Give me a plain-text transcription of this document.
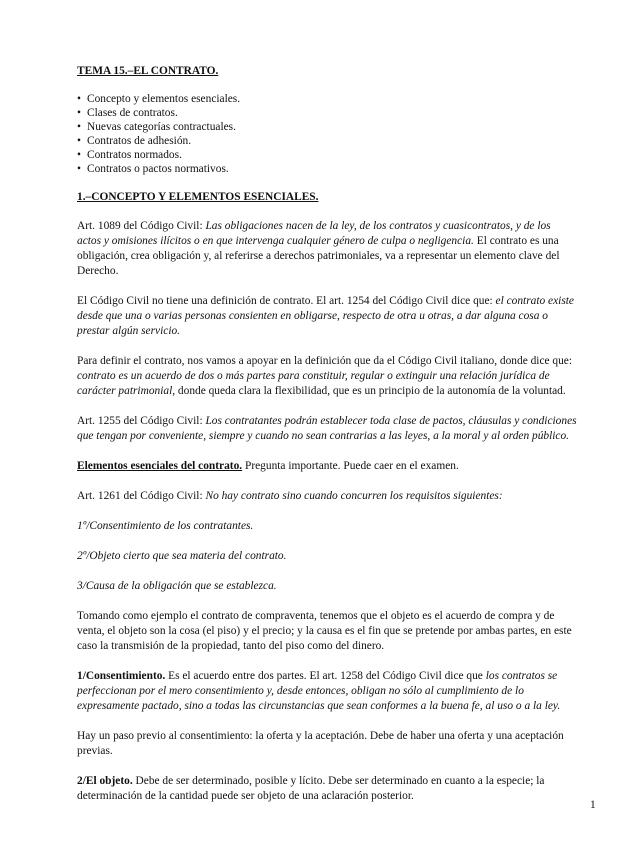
TEMA 15.–EL CONTRATO.
• Concepto y elementos esenciales.
• Clases de contratos.
• Nuevas categorías contractuales.
• Contratos de adhesión.
• Contratos normados.
• Contratos o pactos normativos.
1.–CONCEPTO Y ELEMENTOS ESENCIALES.

Art. 1089 del Código Civil: Las obligaciones nacen de la ley, de los contratos y cuasicontratos, y de los actos y omisiones ilícitos o en que intervenga cualquier género de culpa o negligencia. El contrato es una obligación, crea obligación y, al referirse a derechos patrimoniales, va a representar un elemento clave del Derecho.

El Código Civil no tiene una definición de contrato. El art. 1254 del Código Civil dice que: el contrato existe desde que una o varias personas consienten en obligarse, respecto de otra u otras, a dar alguna cosa o prestar algún servicio.

Para definir el contrato, nos vamos a apoyar en la definición que da el Código Civil italiano, donde dice que: contrato es un acuerdo de dos o más partes para constituir, regular o extinguir una relación jurídica de carácter patrimonial, donde queda clara la flexibilidad, que es un principio de la autonomía de la voluntad.

Art. 1255 del Código Civil: Los contratantes podrán establecer toda clase de pactos, cláusulas y condiciones que tengan por conveniente, siempre y cuando no sean contrarias a las leyes, a la moral y al orden público.

Elementos esenciales del contrato. Pregunta importante. Puede caer en el examen.

Art. 1261 del Código Civil: No hay contrato sino cuando concurren los requisitos siguientes:

1º/Consentimiento de los contratantes.

2º/Objeto cierto que sea materia del contrato.

3/Causa de la obligación que se establezca.

Tomando como ejemplo el contrato de compraventa, tenemos que el objeto es el acuerdo de compra y de venta, el objeto son la cosa (el piso) y el precio; y la causa es el fin que se pretende por ambas partes, en este caso la transmisión de la propiedad, tanto del piso como del dinero.

1/Consentimiento. Es el acuerdo entre dos partes. El art. 1258 del Código Civil dice que los contratos se perfeccionan por el mero consentimiento y, desde entonces, obligan no sólo al cumplimiento de lo expresamente pactado, sino a todas las circunstancias que sean conformes a la buena fe, al uso o a la ley.

Hay un paso previo al consentimiento: la oferta y la aceptación. Debe de haber una oferta y una aceptación previas.

2/El objeto. Debe de ser determinado, posible y lícito. Debe ser determinado en cuanto a la especie; la determinación de la cantidad puede ser objeto de una aclaración posterior.

1
